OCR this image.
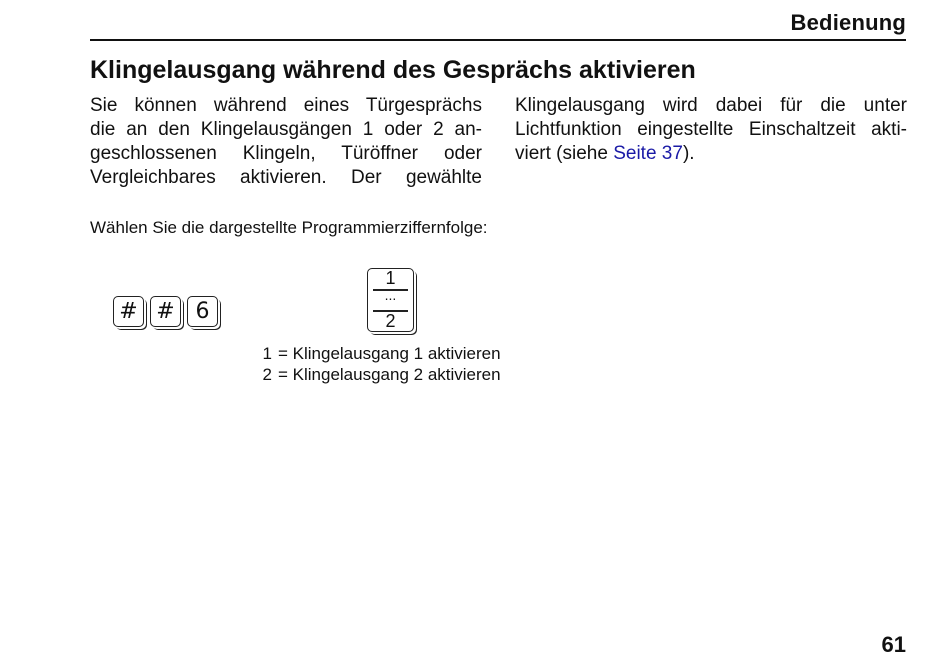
Bedienung
Klingelausgang während des Gesprächs aktivieren
Sie können während eines Türgesprächs
die an den Klingelausgängen 1 oder 2 an-
geschlossenen Klingeln, Türöffner oder
Vergleichbares aktivieren. Der gewählte
Klingelausgang wird dabei für die unter
Lichtfunktion eingestellte Einschaltzeit akti-
viert (siehe Seite 37).
Wählen Sie die dargestellte Programmierziffernfolge:
# # 6
1
...
2
1 = Klingelausgang 1 aktivieren
2 = Klingelausgang 2 aktivieren
61
